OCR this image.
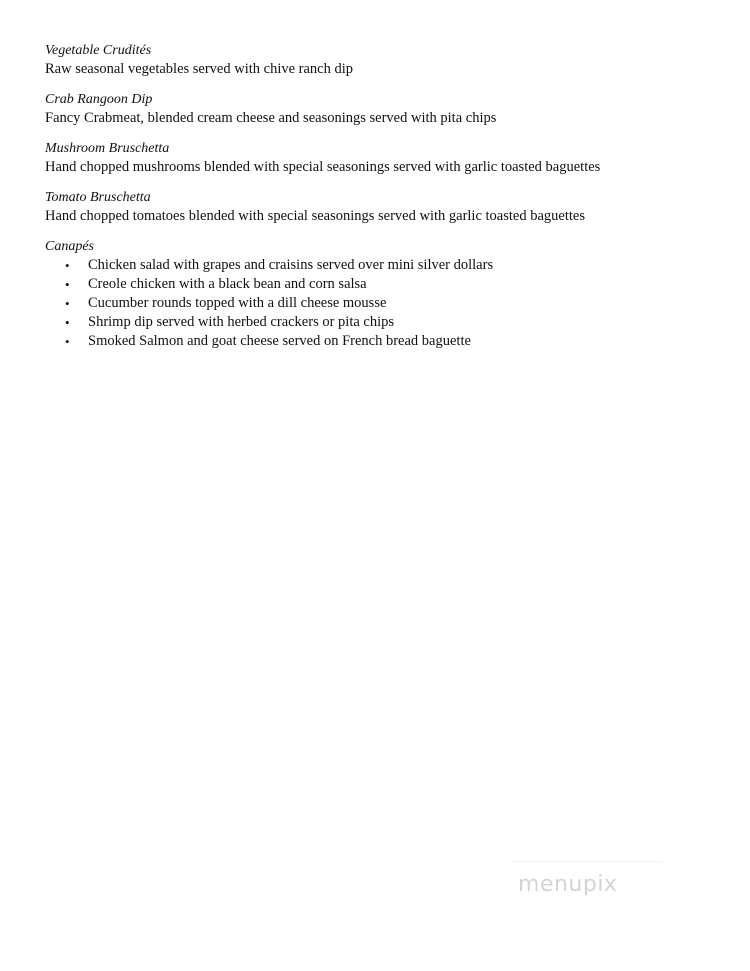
Vegetable Crudités
Raw seasonal vegetables served with chive ranch dip
Crab Rangoon Dip
Fancy Crabmeat, blended cream cheese and seasonings served with pita chips
Mushroom Bruschetta
Hand chopped mushrooms blended with special seasonings served with garlic toasted baguettes
Tomato Bruschetta
Hand chopped tomatoes blended with special seasonings served with garlic toasted baguettes
Canapés
• Chicken salad with grapes and craisins served over mini silver dollars
• Creole chicken with a black bean and corn salsa
• Cucumber rounds topped with a dill cheese mousse
• Shrimp dip served with herbed crackers or pita chips
• Smoked Salmon and goat cheese served on French bread baguette
menupix
